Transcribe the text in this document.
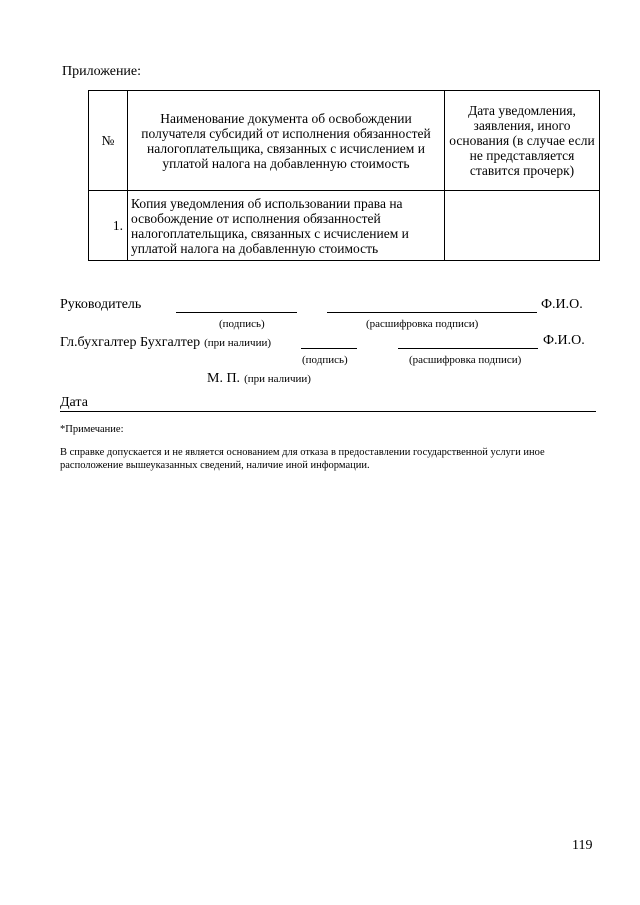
Приложение:
№	Наименование документа об освобождении получателя субсидий от исполнения обязанностей налогоплательщика, связанных с исчислением и уплатой налога на добавленную стоимость	Дата уведомления, заявления, иного основания (в случае если не представляется ставится прочерк)
1.	Копия уведомления об использовании права на освобождение от исполнения обязанностей налогоплательщика, связанных с исчислением и уплатой налога на добавленную стоимость	
Руководитель	Ф.И.О.
(подпись)	(расшифровка подписи)
Гл.бухгалтер Бухгалтер (при наличии)	Ф.И.О.
(подпись)	(расшифровка подписи)
М. П. (при наличии)
Дата
*Примечание:
В справке допускается и не является основанием для отказа в предоставлении государственной услуги иное расположение вышеуказанных сведений, наличие иной информации.
119
